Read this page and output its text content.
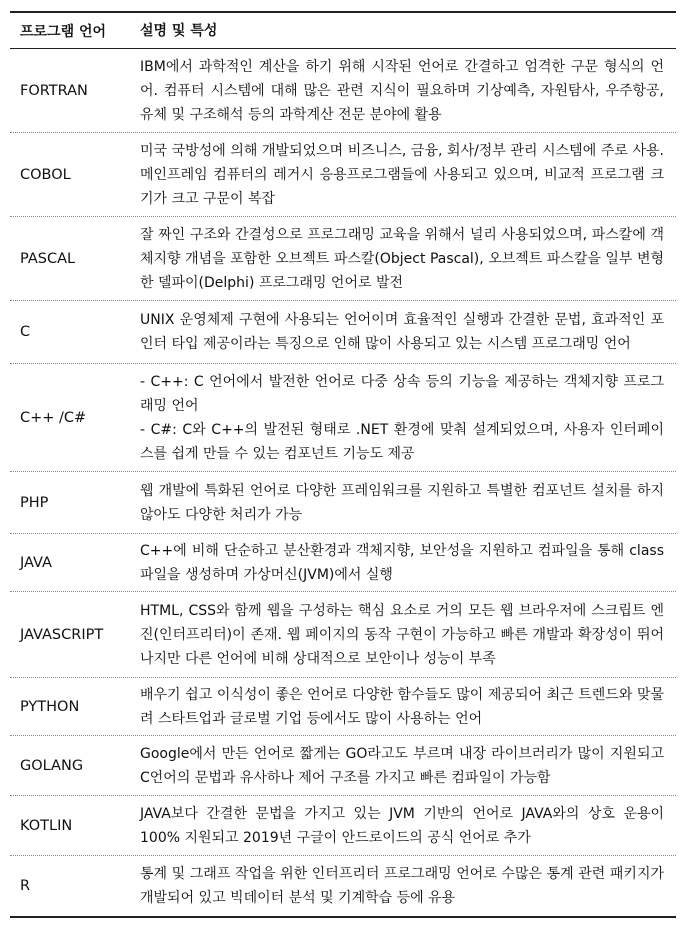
프로그램 언어	설명 및 특성
FORTRAN
IBM에서 과학적인 계산을 하기 위해 시작된 언어로 간결하고 엄격한 구문 형식의 언어. 컴퓨터 시스템에 대해 많은 관련 지식이 필요하며 기상예측, 자원탐사, 우주항공, 유체 및 구조해석 등의 과학계산 전문 분야에 활용
COBOL
미국 국방성에 의해 개발되었으며 비즈니스, 금융, 회사/정부 관리 시스템에 주로 사용. 메인프레임 컴퓨터의 레거시 응용프로그램들에 사용되고 있으며, 비교적 프로그램 크기가 크고 구문이 복잡
PASCAL
잘 짜인 구조와 간결성으로 프로그래밍 교육을 위해서 널리 사용되었으며, 파스칼에 객체지향 개념을 포함한 오브젝트 파스칼(Object Pascal), 오브젝트 파스칼을 일부 변형한 델파이(Delphi) 프로그래밍 언어로 발전
C
UNIX 운영체제 구현에 사용되는 언어이며 효율적인 실행과 간결한 문법, 효과적인 포인터 타입 제공이라는 특징으로 인해 많이 사용되고 있는 시스템 프로그래밍 언어
C++ /C#
- C++: C 언어에서 발전한 언어로 다중 상속 등의 기능을 제공하는 객체지향 프로그래밍 언어
- C#: C와 C++의 발전된 형태로 .NET 환경에 맞춰 설계되었으며, 사용자 인터페이스를 쉽게 만들 수 있는 컴포넌트 기능도 제공
PHP
웹 개발에 특화된 언어로 다양한 프레임워크를 지원하고 특별한 컴포넌트 설치를 하지 않아도 다양한 처리가 가능
JAVA
C++에 비해 단순하고 분산환경과 객체지향, 보안성을 지원하고 컴파일을 통해 class 파일을 생성하며 가상머신(JVM)에서 실행
JAVASCRIPT
HTML, CSS와 함께 웹을 구성하는 핵심 요소로 거의 모든 웹 브라우저에 스크립트 엔진(인터프리터)이 존재. 웹 페이지의 동작 구현이 가능하고 빠른 개발과 확장성이 뛰어나지만 다른 언어에 비해 상대적으로 보안이나 성능이 부족
PYTHON
배우기 쉽고 이식성이 좋은 언어로 다양한 함수들도 많이 제공되어 최근 트렌드와 맞물려 스타트업과 글로벌 기업 등에서도 많이 사용하는 언어
GOLANG
Google에서 만든 언어로 짧게는 GO라고도 부르며 내장 라이브러리가 많이 지원되고 C언어의 문법과 유사하나 제어 구조를 가지고 빠른 컴파일이 가능함
KOTLIN
JAVA보다 간결한 문법을 가지고 있는 JVM 기반의 언어로 JAVA와의 상호 운용이 100% 지원되고 2019년 구글이 안드로이드의 공식 언어로 추가
R
통계 및 그래프 작업을 위한 인터프리터 프로그래밍 언어로 수많은 통계 관련 패키지가 개발되어 있고 빅데이터 분석 및 기계학습 등에 유용
